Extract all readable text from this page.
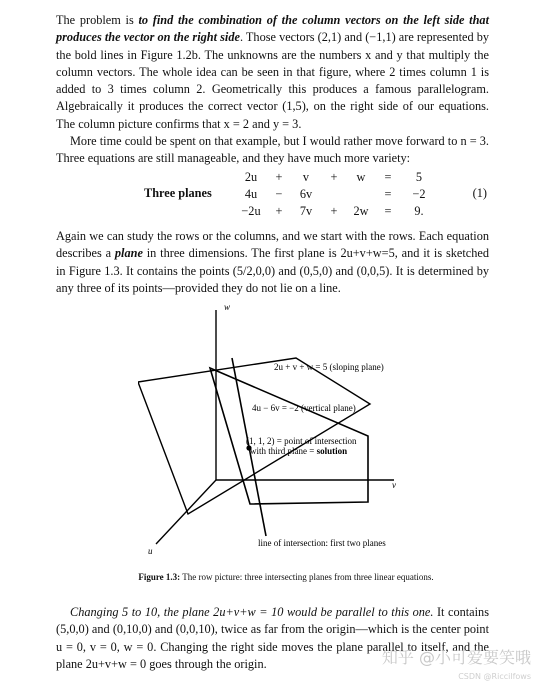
The problem is to find the combination of the column vectors on the left side that produces the vector on the right side. Those vectors (2,1) and (−1,1) are represented by the bold lines in Figure 1.2b. The unknowns are the numbers x and y that multiply the column vectors. The whole idea can be seen in that figure, where 2 times column 1 is added to 3 times column 2. Geometrically this produces a famous parallelogram. Algebraically it produces the correct vector (1,5), on the right side of our equations. The column picture confirms that x = 2 and y = 3.
More time could be spent on that example, but I would rather move forward to n = 3. Three equations are still manageable, and they have much more variety:
Three planes
2u + v + w = 5
4u − 6v	= −2
−2u + 7v + 2w = 9.
(1)
Again we can study the rows or the columns, and we start with the rows. Each equation describes a plane in three dimensions. The first plane is 2u+v+w=5, and it is sketched in Figure 1.3. It contains the points (5/2,0,0) and (0,5,0) and (0,0,5). It is determined by any three of its points—provided they do not lie on a line.
w
v
u
2u + v + w = 5 (sloping plane)
4u − 6v = −2 (vertical plane)
(1, 1, 2) = point of intersection
with third plane = solution
line of intersection: first two planes
Figure 1.3: The row picture: three intersecting planes from three linear equations.
Changing 5 to 10, the plane 2u+v+w = 10 would be parallel to this one. It contains (5,0,0) and (0,10,0) and (0,0,10), twice as far from the origin—which is the center point u = 0, v = 0, w = 0. Changing the right side moves the plane parallel to itself, and the plane 2u+v+w = 0 goes through the origin.	知乎 @小可爱要笑哦
CSDN @Riccilfows
